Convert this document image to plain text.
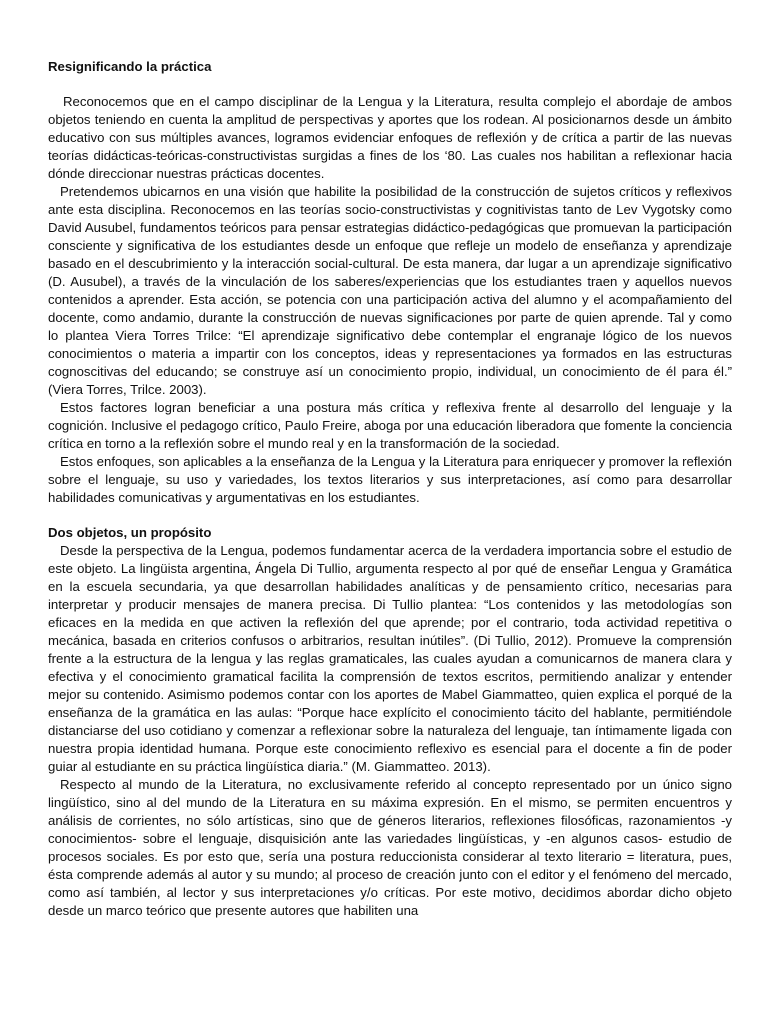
Resignificando la práctica

Reconocemos que en el campo disciplinar de la Lengua y la Literatura, resulta complejo el abordaje de ambos objetos teniendo en cuenta la amplitud de perspectivas y aportes que los rodean. Al posicionarnos desde un ámbito educativo con sus múltiples avances, logramos evidenciar enfoques de reflexión y de crítica a partir de las nuevas teorías didácticas-teóricas-constructivistas surgidas a fines de los ‘80. Las cuales nos habilitan a reflexionar hacia dónde direccionar nuestras prácticas docentes.

Pretendemos ubicarnos en una visión que habilite la posibilidad de la construcción de sujetos críticos y reflexivos ante esta disciplina. Reconocemos en las teorías socio-constructivistas y cognitivistas tanto de Lev Vygotsky como David Ausubel, fundamentos teóricos para pensar estrategias didáctico-pedagógicas que promuevan la participación consciente y significativa de los estudiantes desde un enfoque que refleje un modelo de enseñanza y aprendizaje basado en el descubrimiento y la interacción social-cultural. De esta manera, dar lugar a un aprendizaje significativo (D. Ausubel), a través de la vinculación de los saberes/experiencias que los estudiantes traen y aquellos nuevos contenidos a aprender. Esta acción, se potencia con una participación activa del alumno y el acompañamiento del docente, como andamio, durante la construcción de nuevas significaciones por parte de quien aprende. Tal y como lo plantea Viera Torres Trilce: “El aprendizaje significativo debe contemplar el engranaje lógico de los nuevos conocimientos o materia a impartir con los conceptos, ideas y representaciones ya formados en las estructuras cognoscitivas del educando; se construye así un conocimiento propio, individual, un conocimiento de él para él.” (Viera Torres, Trilce. 2003).

Estos factores logran beneficiar a una postura más crítica y reflexiva frente al desarrollo del lenguaje y la cognición. Inclusive el pedagogo crítico, Paulo Freire, aboga por una educación liberadora que fomente la conciencia crítica en torno a la reflexión sobre el mundo real y en la transformación de la sociedad.

Estos enfoques, son aplicables a la enseñanza de la Lengua y la Literatura para enriquecer y promover la reflexión sobre el lenguaje, su uso y variedades, los textos literarios y sus interpretaciones, así como para desarrollar habilidades comunicativas y argumentativas en los estudiantes.

Dos objetos, un propósito

Desde la perspectiva de la Lengua, podemos fundamentar acerca de la verdadera importancia sobre el estudio de este objeto. La lingüista argentina, Ángela Di Tullio, argumenta respecto al por qué de enseñar Lengua y Gramática en la escuela secundaria, ya que desarrollan habilidades analíticas y de pensamiento crítico, necesarias para interpretar y producir mensajes de manera precisa. Di Tullio plantea: “Los contenidos y las metodologías son eficaces en la medida en que activen la reflexión del que aprende; por el contrario, toda actividad repetitiva o mecánica, basada en criterios confusos o arbitrarios, resultan inútiles”. (Di Tullio, 2012). Promueve la comprensión frente a la estructura de la lengua y las reglas gramaticales, las cuales ayudan a comunicarnos de manera clara y efectiva y el conocimiento gramatical facilita la comprensión de textos escritos, permitiendo analizar y entender mejor su contenido. Asimismo podemos contar con los aportes de Mabel Giammatteo, quien explica el porqué de la enseñanza de la gramática en las aulas: “Porque hace explícito el conocimiento tácito del hablante, permitiéndole distanciarse del uso cotidiano y comenzar a reflexionar sobre la naturaleza del lenguaje, tan íntimamente ligada con nuestra propia identidad humana. Porque este conocimiento reflexivo es esencial para el docente a fin de poder guiar al estudiante en su práctica lingüística diaria.” (M. Giammatteo. 2013).

Respecto al mundo de la Literatura, no exclusivamente referido al concepto representado por un único signo lingüístico, sino al del mundo de la Literatura en su máxima expresión. En el mismo, se permiten encuentros y análisis de corrientes, no sólo artísticas, sino que de géneros literarios, reflexiones filosóficas, razonamientos -y conocimientos- sobre el lenguaje, disquisición ante las variedades lingüísticas, y -en algunos casos- estudio de procesos sociales. Es por esto que, sería una postura reduccionista considerar al texto literario = literatura, pues, ésta comprende además al autor y su mundo; al proceso de creación junto con el editor y el fenómeno del mercado, como así también, al lector y sus interpretaciones y/o críticas. Por este motivo, decidimos abordar dicho objeto desde un marco teórico que presente autores que habiliten una
